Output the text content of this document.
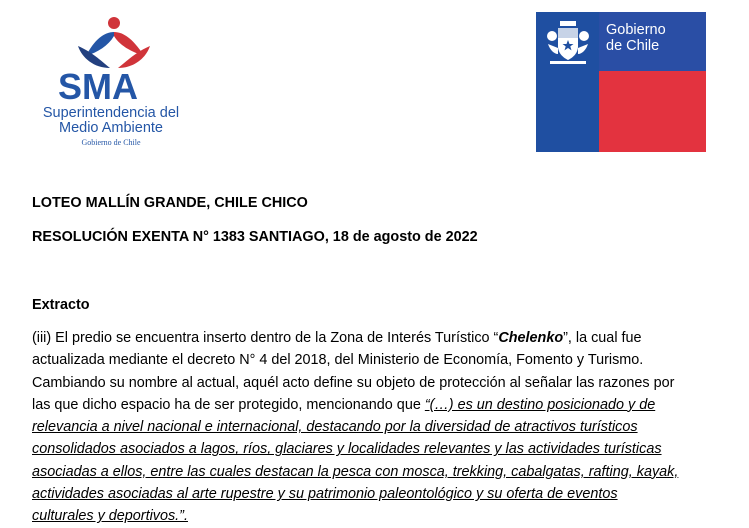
SMA
Superintendencia del
Medio Ambiente
Gobierno de Chile
Gobierno
de Chile
LOTEO MALLÍN GRANDE, CHILE CHICO
RESOLUCIÓN EXENTA N° 1383 SANTIAGO, 18 de agosto de 2022
Extracto
(iii) El predio se encuentra inserto dentro de la Zona de Interés Turístico “Chelenko”, la cual fue
actualizada mediante el decreto N° 4 del 2018, del Ministerio de Economía, Fomento y Turismo.
Cambiando su nombre al actual, aquél acto define su objeto de protección al señalar las razones por
las que dicho espacio ha de ser protegido, mencionando que “(…) es un destino posicionado y de
relevancia a nivel nacional e internacional, destacando por la diversidad de atractivos turísticos
consolidados asociados a lagos, ríos, glaciares y localidades relevantes y las actividades turísticas
asociadas a ellos, entre las cuales destacan la pesca con mosca, trekking, cabalgatas, rafting, kayak,
actividades asociadas al arte rupestre y su patrimonio paleontológico y su oferta de eventos
culturales y deportivos.”.
